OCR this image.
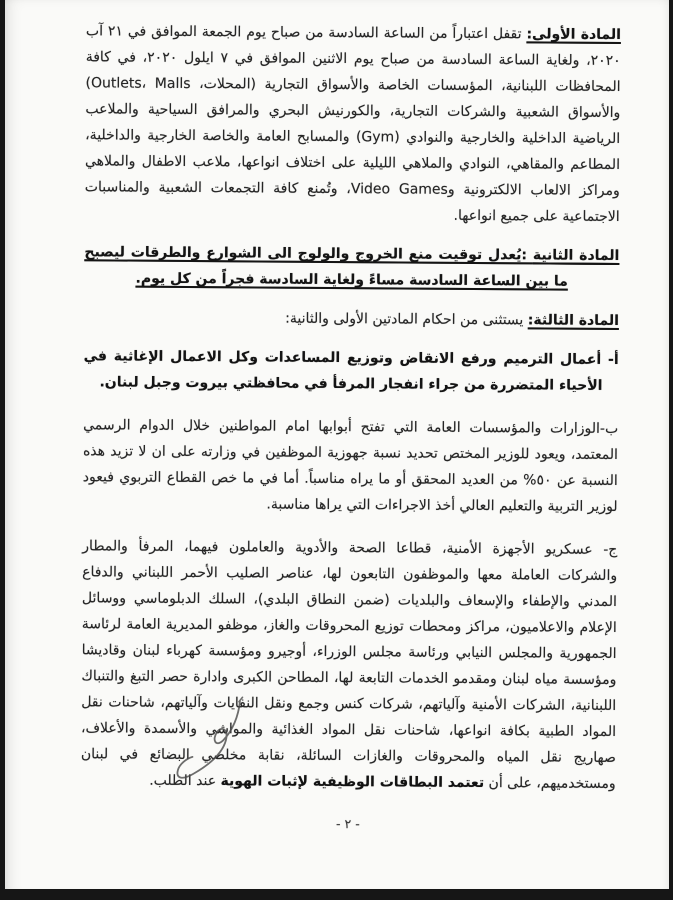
المادة الأولى: تقفل اعتباراً من الساعة السادسة من صباح يوم الجمعة الموافق في ٢١ آب ٢٠٢٠، ولغاية الساعة السادسة من صباح يوم الاثنين الموافق في ٧ ايلول ٢٠٢٠، في كافة المحافظات اللبنانية، المؤسسات الخاصة والأسواق التجارية (المحلات، Outlets، Malls) والأسواق الشعبية والشركات التجارية، والكورنيش البحري والمرافق السياحية والملاعب الرياضية الداخلية والخارجية والنوادي (Gym) والمسابح العامة والخاصة الخارجية والداخلية، المطاعم والمقاهي، النوادي والملاهي الليلية على اختلاف انواعها، ملاعب الاطفال والملاهي ومراكز الالعاب الالكترونية وVideo Games، وتُمنع كافة التجمعات الشعبية والمناسبات الاجتماعية على جميع انواعها.

المادة الثانية :يُعدل توقيت منع الخروج والولوج الى الشوارع والطرقات ليصبح ما بين الساعة السادسة مساءً ولغاية السادسة فجراً من كل يوم.

المادة الثالثة: يستثنى من احكام المادتين الأولى والثانية:

أ- أعمال الترميم ورفع الانقاض وتوزيع المساعدات وكل الاعمال الإغاثية في الأحياء المتضررة من جراء انفجار المرفأ في محافظتي بيروت وجبل لبنان.

ب-الوزارات والمؤسسات العامة التي تفتح أبوابها امام المواطنين خلال الدوام الرسمي المعتمد، ويعود للوزير المختص تحديد نسبة جهوزية الموظفين في وزارته على ان لا تزيد هذه النسبة عن ٥٠% من العديد المحقق أو ما يراه مناسباً. أما في ما خص القطاع التربوي فيعود لوزير التربية والتعليم العالي أخذ الاجراءات التي يراها مناسبة.

ج- عسكريو الأجهزة الأمنية، قطاعا الصحة والأدوية والعاملون فيهما، المرفأ والمطار والشركات العاملة معها والموظفون التابعون لها، عناصر الصليب الأحمر اللبناني والدفاع المدني والإطفاء والإسعاف والبلديات (ضمن النطاق البلدي)، السلك الدبلوماسي ووسائل الإعلام والاعلاميون، مراكز ومحطات توزيع المحروقات والغاز، موظفو المديرية العامة لرئاسة الجمهورية والمجلس النيابي ورئاسة مجلس الوزراء، أوجيرو ومؤسسة كهرباء لبنان وقاديشا ومؤسسة مياه لبنان ومقدمو الخدمات التابعة لها، المطاحن الكبرى وادارة حصر التبغ والتنباك اللبنانية، الشركات الأمنية وآلياتهم، شركات كنس وجمع ونقل النفايات وآلياتهم، شاحنات نقل المواد الطبية بكافة انواعها، شاحنات نقل المواد الغذائية والمواشي والأسمدة والأعلاف، صهاريج نقل المياه والمحروقات والغازات السائلة، نقابة مخلصي البضائع في لبنان ومستخدميهم، على أن تعتمد البطاقات الوظيفية لإثبات الهوية عند الطلب.

- ٢ -
